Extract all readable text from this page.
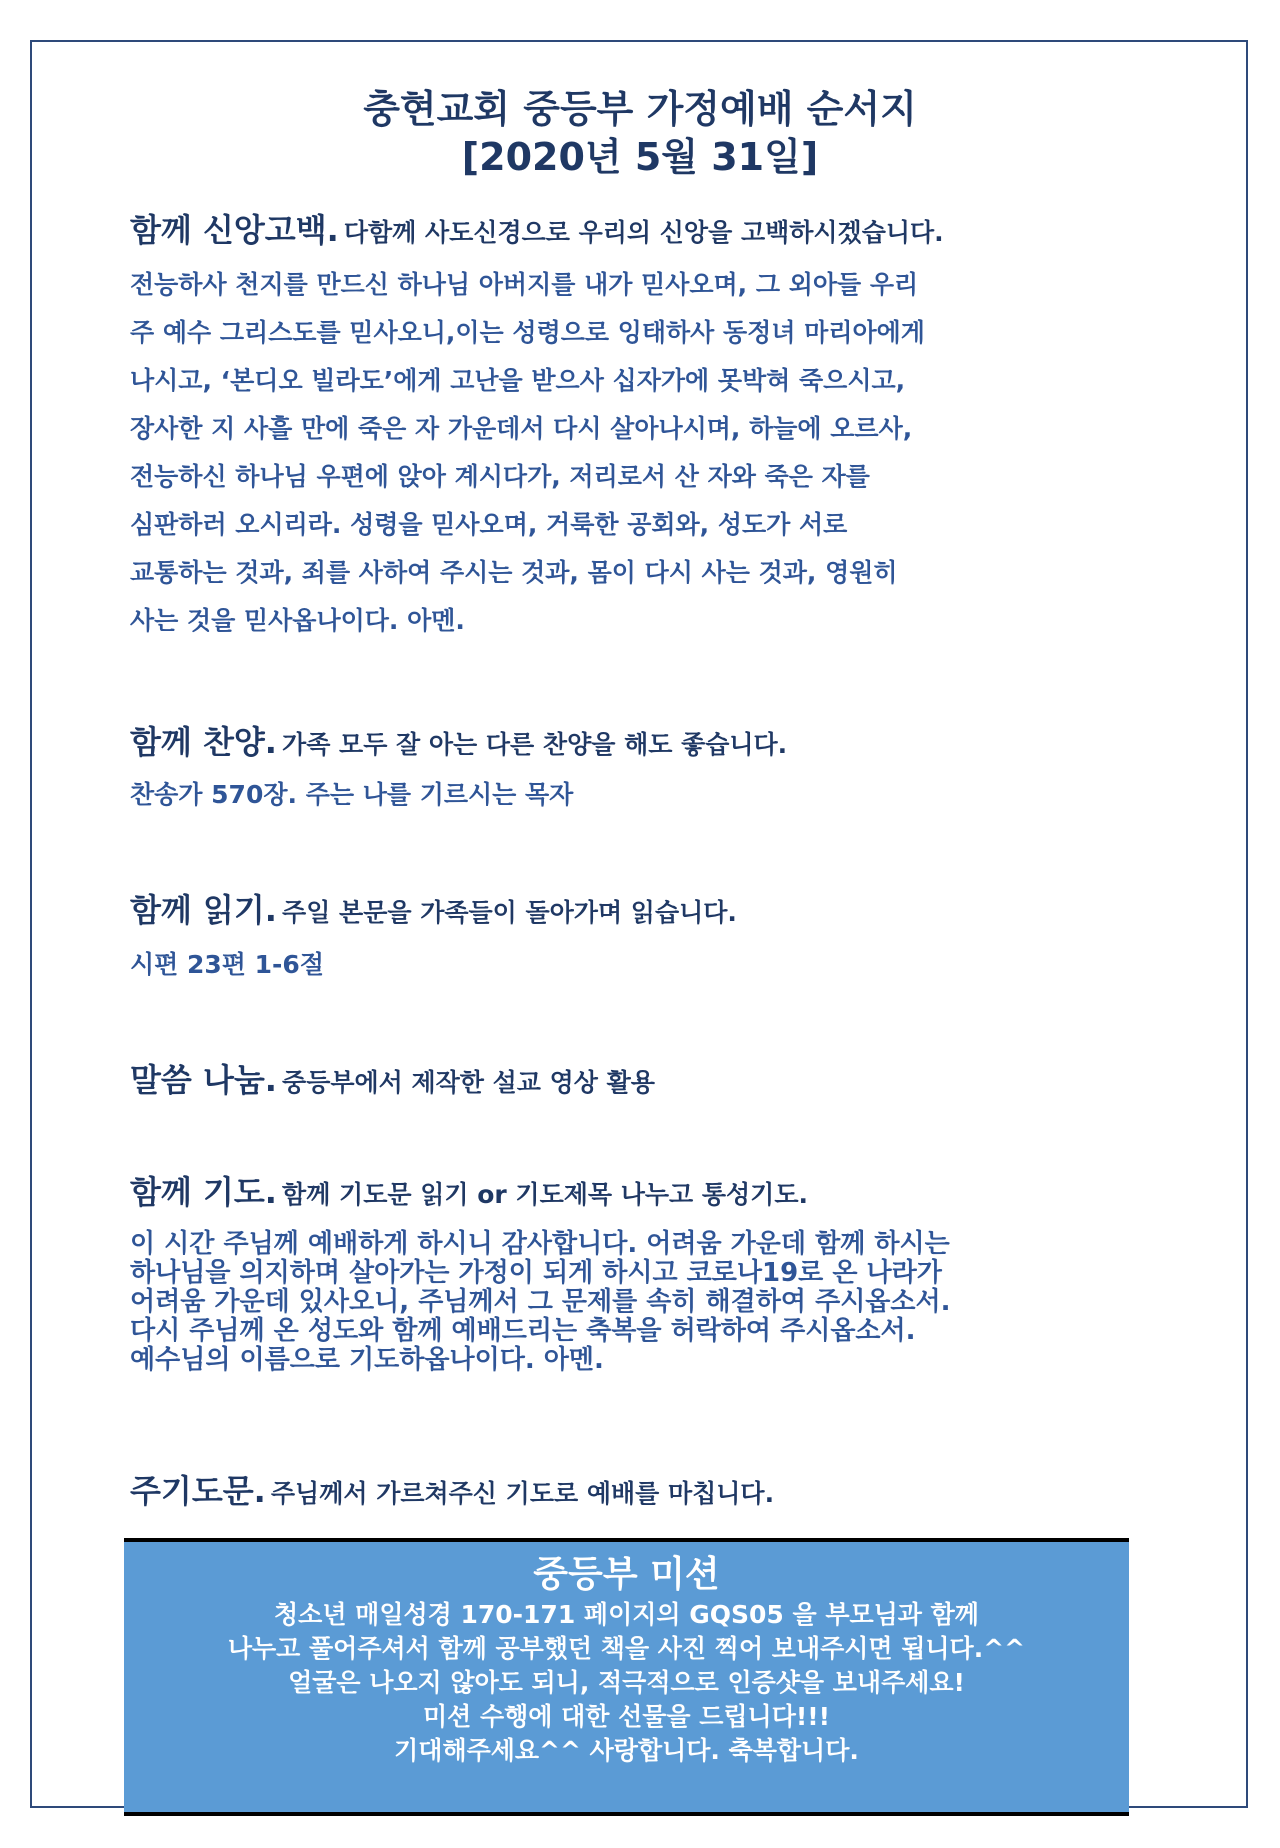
충현교회 중등부 가정예배 순서지
[2020년 5월 31일]
함께 신앙고백. 다함께 사도신경으로 우리의 신앙을 고백하시겠습니다.
전능하사 천지를 만드신 하나님 아버지를 내가 믿사오며, 그 외아들 우리
주 예수 그리스도를 믿사오니,이는 성령으로 잉태하사 동정녀 마리아에게
나시고, ‘본디오 빌라도’에게 고난을 받으사 십자가에 못박혀 죽으시고,
장사한 지 사흘 만에 죽은 자 가운데서 다시 살아나시며, 하늘에 오르사,
전능하신 하나님 우편에 앉아 계시다가, 저리로서 산 자와 죽은 자를
심판하러 오시리라. 성령을 믿사오며, 거룩한 공회와, 성도가 서로
교통하는 것과, 죄를 사하여 주시는 것과, 몸이 다시 사는 것과, 영원히
사는 것을 믿사옵나이다. 아멘.
함께 찬양. 가족 모두 잘 아는 다른 찬양을 해도 좋습니다.
찬송가 570장. 주는 나를 기르시는 목자
함께 읽기. 주일 본문을 가족들이 돌아가며 읽습니다.
시편 23편 1-6절
말씀 나눔. 중등부에서 제작한 설교 영상 활용
함께 기도. 함께 기도문 읽기 or 기도제목 나누고 통성기도.
이 시간 주님께 예배하게 하시니 감사합니다. 어려움 가운데 함께 하시는
하나님을 의지하며 살아가는 가정이 되게 하시고 코로나19로 온 나라가
어려움 가운데 있사오니, 주님께서 그 문제를 속히 해결하여 주시옵소서.
다시 주님께 온 성도와 함께 예배드리는 축복을 허락하여 주시옵소서.
예수님의 이름으로 기도하옵나이다. 아멘.
주기도문. 주님께서 가르쳐주신 기도로 예배를 마칩니다.
중등부 미션
청소년 매일성경 170-171 페이지의 GQS05 을 부모님과 함께
나누고 풀어주셔서 함께 공부했던 책을 사진 찍어 보내주시면 됩니다.^^
얼굴은 나오지 않아도 되니, 적극적으로 인증샷을 보내주세요!
미션 수행에 대한 선물을 드립니다!!!
기대해주세요^^ 사랑합니다. 축복합니다.
